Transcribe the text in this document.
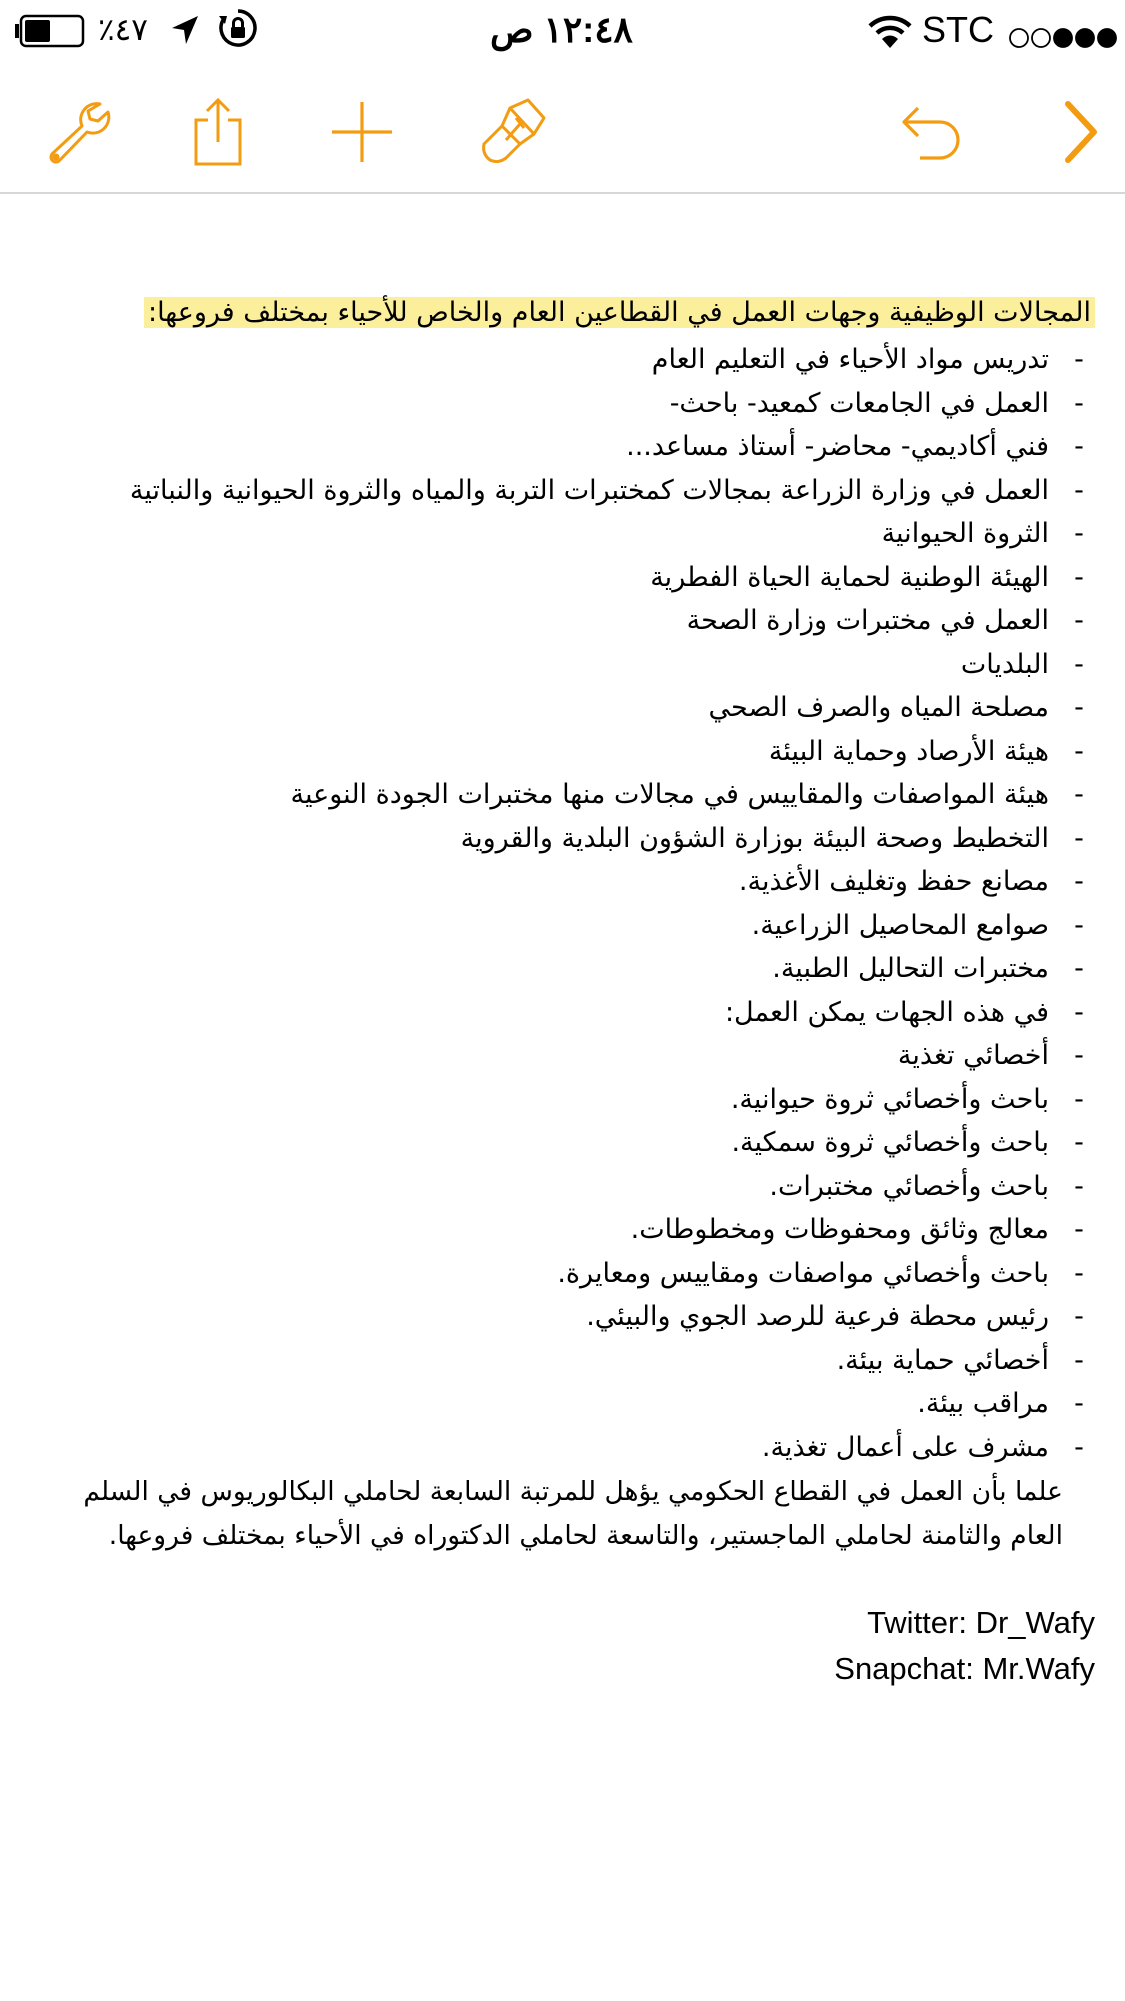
٪٤٧	١٢:٤٨ ص	STC
المجالات الوظيفية وجهات العمل في القطاعين العام والخاص للأحياء بمختلف فروعها:
-
تدريس مواد الأحياء في التعليم العام
-
العمل في الجامعات كمعيد- باحث-
-
فني أكاديمي- محاضر- أستاذ مساعد...
-
العمل في وزارة الزراعة بمجالات كمختبرات التربة والمياه والثروة الحيوانية والنباتية
-
الثروة الحيوانية
-
الهيئة الوطنية لحماية الحياة الفطرية
-
العمل في مختبرات وزارة الصحة
-
البلديات
-
مصلحة المياه والصرف الصحي
-
هيئة الأرصاد وحماية البيئة
-
هيئة المواصفات والمقاييس في مجالات منها مختبرات الجودة النوعية
-
التخطيط وصحة البيئة بوزارة الشؤون البلدية والقروية
-
مصانع حفظ وتغليف الأغذية.
-
صوامع المحاصيل الزراعية.
-
مختبرات التحاليل الطبية.
-
في هذه الجهات يمكن العمل:
-
أخصائي تغذية
-
باحث وأخصائي ثروة حيوانية.
-
باحث وأخصائي ثروة سمكية.
-
باحث وأخصائي مختبرات.
-
معالج وثائق ومحفوظات ومخطوطات.
-
باحث وأخصائي مواصفات ومقاييس ومعايرة.
-
رئيس محطة فرعية للرصد الجوي والبيئي.
-
أخصائي حماية بيئة.
-
مراقب بيئة.
-
مشرف على أعمال تغذية.
علما بأن العمل في القطاع الحكومي يؤهل للمرتبة السابعة لحاملي البكالوريوس في السلم العام والثامنة لحاملي الماجستير، والتاسعة لحاملي الدكتوراه في الأحياء بمختلف فروعها.
Twitter: Dr_Wafy
Snapchat: Mr.Wafy
